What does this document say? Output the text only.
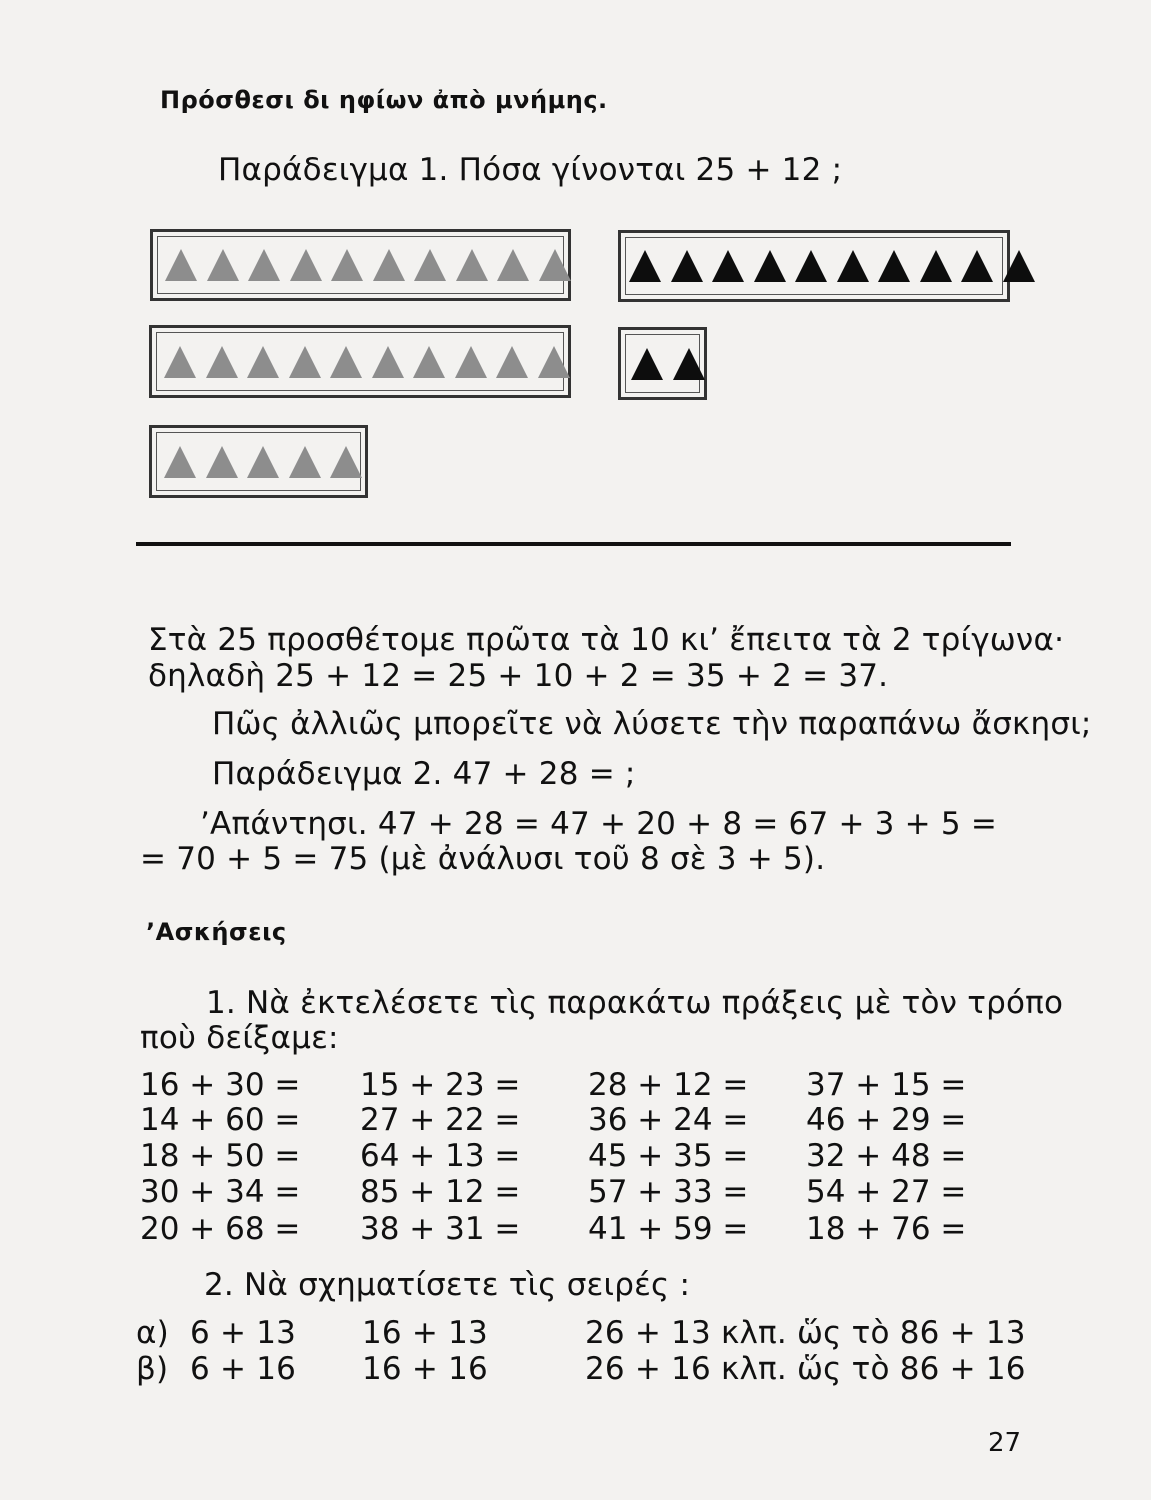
Πρόσθεσι δι ηφίων ἀπὸ μνήμης.
Παράδειγμα 1. Πόσα γίνονται 25 + 12 ;
Στὰ 25 προσθέτομε πρῶτα τὰ 10 κι’ ἔπειτα τὰ 2 τρίγωνα·
δηλαδὴ 25 + 12 = 25 + 10 + 2 = 35 + 2 = 37.
Πῶς ἀλλιῶς μπορεῖτε νὰ λύσετε τὴν παραπάνω ἄσκησι;
Παράδειγμα 2. 47 + 28 = ;
’Απάντησι. 47 + 28 = 47 + 20 + 8 = 67 + 3 + 5 =
= 70 + 5 = 75 (μὲ ἀνάλυσι τοῦ 8 σὲ 3 + 5).
’Ασκήσεις
1. Νὰ ἐκτελέσετε τὶς παρακάτω πράξεις μὲ τὸν τρόπο
ποὺ δείξαμε:
16 + 30 =
14 + 60 =
18 + 50 =
30 + 34 =
20 + 68 =
15 + 23 =
27 + 22 =
64 + 13 =
85 + 12 =
38 + 31 =
28 + 12 =
36 + 24 =
45 + 35 =
57 + 33 =
41 + 59 =
37 + 15 =
46 + 29 =
32 + 48 =
54 + 27 =
18 + 76 =
2. Νὰ σχηματίσετε τὶς σειρές :
α) 6 + 13 16 + 13	26 + 13 κλπ. ὥς τὸ 86 + 13
β) 6 + 16 16 + 16	26 + 16 κλπ. ὥς τὸ 86 + 16
27
